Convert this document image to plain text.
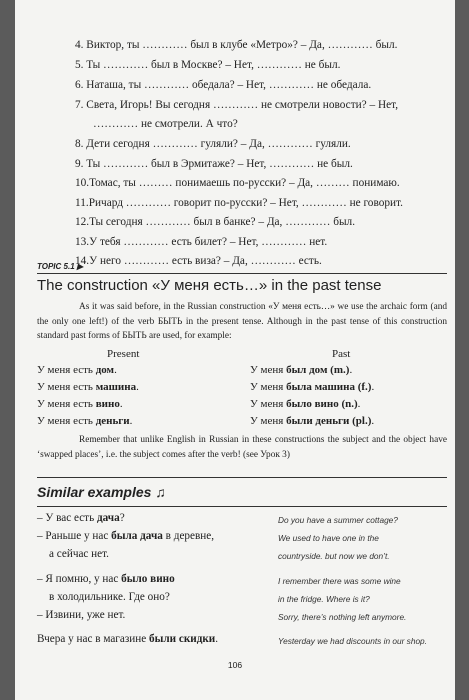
4. Виктор, ты ………… был в клубе «Метро»? – Да, ………… был.
5. Ты ………… был в Москве? – Нет, ………… не был.
6. Наташа, ты ………… обедала? – Нет, ………… не обедала.
7. Света, Игорь! Вы сегодня ………… не смотрели новости? – Нет,
………… не смотрели. А что?
8. Дети сегодня ………… гуляли? – Да, ………… гуляли.
9. Ты ………… был в Эрмитаже? – Нет, ………… не был.
10.Томас, ты ……… понимаешь по-русски? – Да, ……… понимаю.
11.Ричард ………… говорит по-русски? – Нет, ………… не говорит.
12.Ты сегодня ………… был в банке? – Да, ………… был.
13.У тебя ………… есть билет? – Нет, ………… нет.
14.У него ………… есть виза? – Да, ………… есть.
TOPIC 5.1 ▶
The construction «У меня есть…» in the past tense
As it was said before, in the Russian construction «У меня есть…» we use the archaic form (and the only one left!) of the verb БЫТЬ in the present tense. Although in the past tense of this construction standard past forms of БЫТЬ are used, for example:
Present	Past
У меня есть дом.	У меня был дом (m.).
У меня есть машина.	У меня была машина (f.).
У меня есть вино.	У меня было вино (n.).
У меня есть деньги.	У меня были деньги (pl.).
Remember that unlike English in Russian in these constructions the subject and the object have ‘swapped places’, i.e. the subject comes after the verb! (see Урок 3)
Similar examples ♫
– У вас есть дача?	Do you have a summer cottage?
– Раньше у нас была дача в деревне,	We used to have one in the
а сейчас нет.	countryside. but now we don’t.
– Я помню, у нас было вино	I remember there was some wine
в холодильнике. Где оно?	in the fridge. Where is it?
– Извини, уже нет.	Sorry, there’s nothing left anymore.
Вчера у нас в магазине были скидки.	Yesterday we had discounts in our shop.
106
